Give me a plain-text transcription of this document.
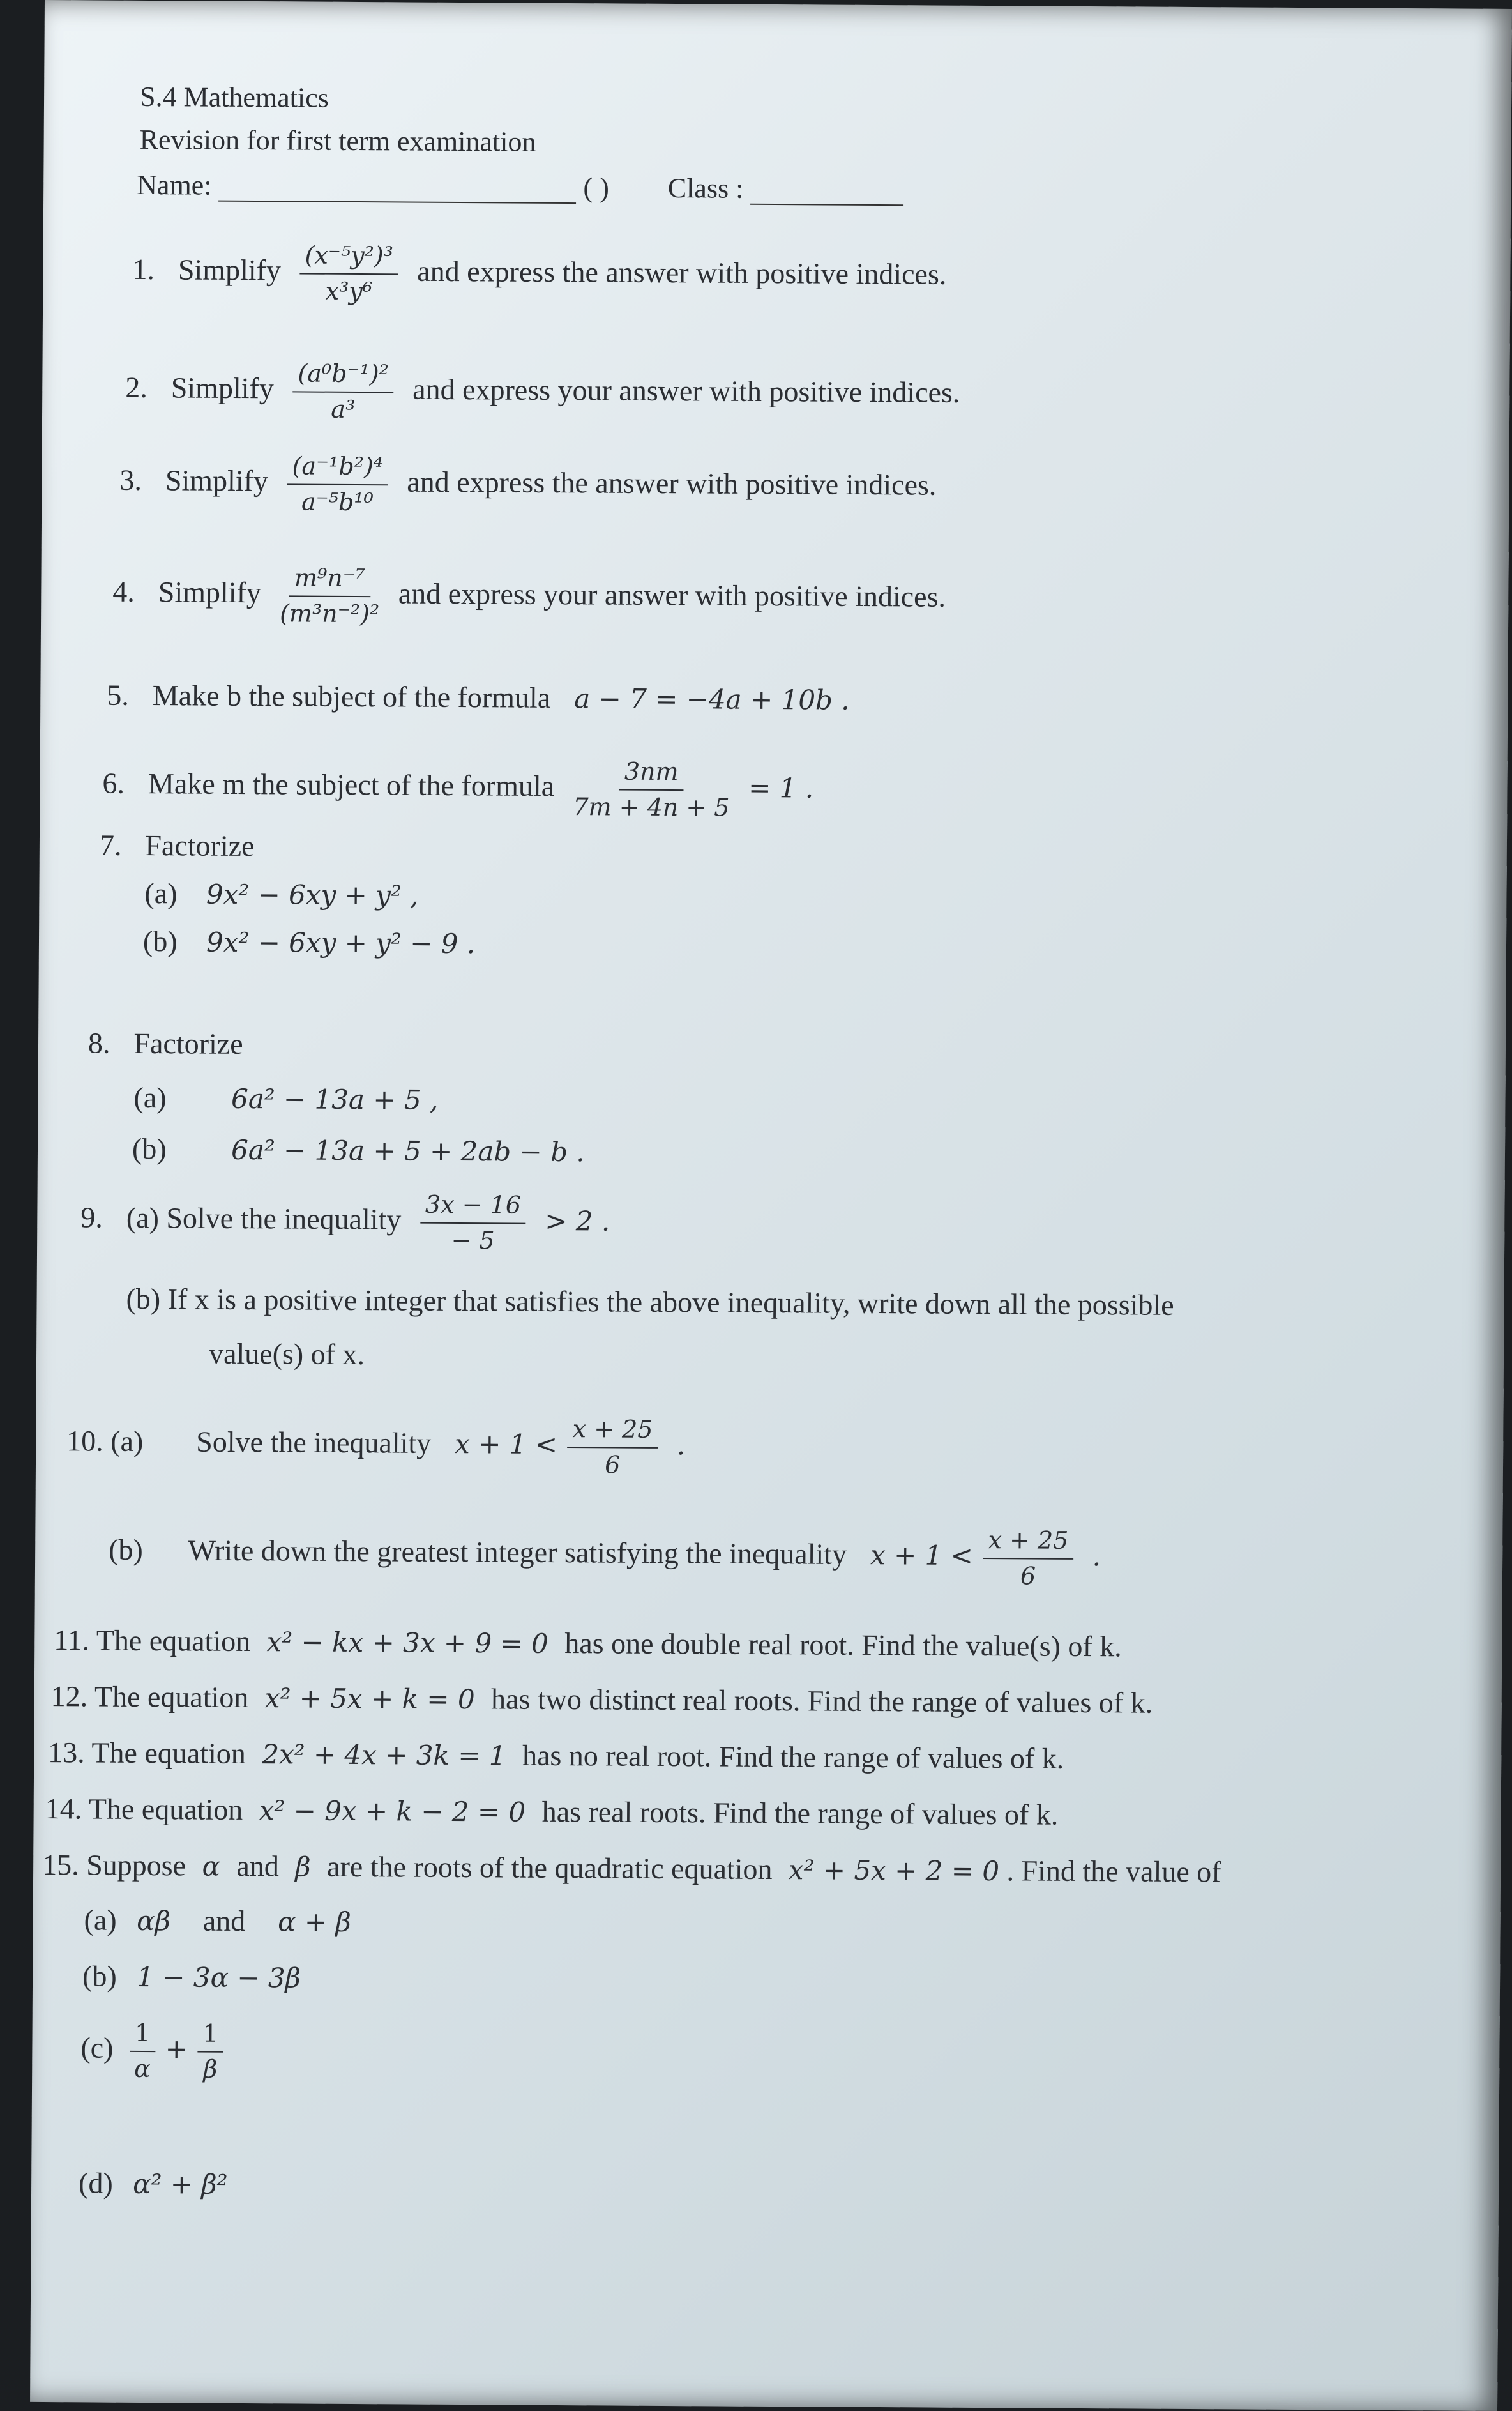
S.4 Mathematics
Revision for first term examination
Name:	( ) Class :
1. Simplify $\frac{\text{(x⁻⁵y²)³}}{\text{x³y⁶}}$ and express the answer with positive indices.
2. Simplify $\frac{\text{(a⁰b⁻¹)²}}{\text{a³}}$ and express your answer with positive indices.
3. Simplify $\frac{\text{(a⁻¹b²)⁴}}{\text{a⁻⁵b¹⁰}}$ and express the answer with positive indices.
4. Simplify $\frac{\text{m⁹n⁻⁷}}{\text{(m³n⁻²)²}}$ and express your answer with positive indices.
5. Make b the subject of the formula a − 7 = −4a + 10b .
6. Make m the subject of the formula $\frac{3nm}{7m + 4n + 5} = 1$ .
7. Factorize
(a) 9x² − 6xy + y² ,
(b) 9x² − 6xy + y² − 9 .
8. Factorize
(a) 6a² − 13a + 5 ,
(b) 6a² − 13a + 5 + 2ab − b .
9. (a) Solve the inequality $\frac{3x - 16}{- 5} > 2$ .
(b) If x is a positive integer that satisfies the above inequality, write down all the possible
value(s) of x.
10. (a) Solve the inequality $x + 1 < \frac{x + 25}{6}$ .
(b) Write down the greatest integer satisfying the inequality $x + 1 < \frac{x + 25}{6}$ .
11. The equation x² − kx + 3x + 9 = 0 has one double real root. Find the value(s) of k.
12. The equation x² + 5x + k = 0 has two distinct real roots. Find the range of values of k.
13. The equation 2x² + 4x + 3k = 1 has no real root. Find the range of values of k.
14. The equation x² − 9x + k − 2 = 0 has real roots. Find the range of values of k.
15. Suppose α and β are the roots of the quadratic equation x² + 5x + 2 = 0 . Find the value of
(a) αβ and α + β
(b) 1 − 3α − 3β
$(c) \frac{1}{\alpha} + \frac{1}{\beta}$
(d) α² + β²
